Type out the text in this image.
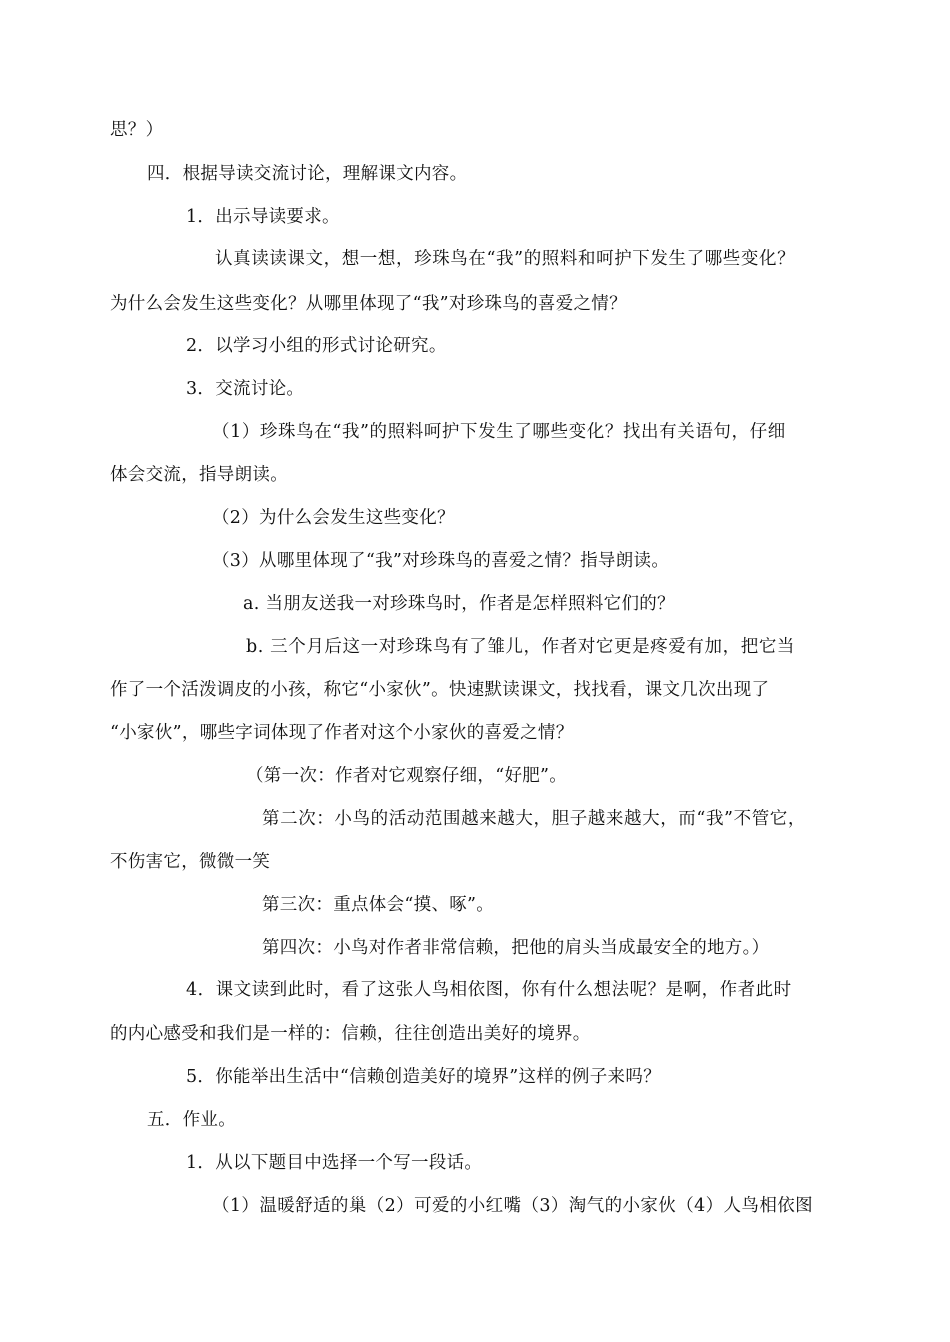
思？）
四．根据导读交流讨论，理解课文内容。
1．出示导读要求。
认真读读课文，想一想，珍珠鸟在“我”的照料和呵护下发生了哪些变化？
为什么会发生这些变化？从哪里体现了“我”对珍珠鸟的喜爱之情？
2．以学习小组的形式讨论研究。
3．交流讨论。
（1）珍珠鸟在“我”的照料呵护下发生了哪些变化？找出有关语句，仔细
体会交流，指导朗读。
（2）为什么会发生这些变化？
（3）从哪里体现了“我”对珍珠鸟的喜爱之情？指导朗读。
a. 当朋友送我一对珍珠鸟时，作者是怎样照料它们的？
b. 三个月后这一对珍珠鸟有了雏儿，作者对它更是疼爱有加，把它当
作了一个活泼调皮的小孩，称它“小家伙”。快速默读课文，找找看，课文几次出现了
“小家伙”，哪些字词体现了作者对这个小家伙的喜爱之情？
（第一次：作者对它观察仔细，“好肥”。
第二次：小鸟的活动范围越来越大，胆子越来越大，而“我”不管它，
不伤害它，微微一笑
第三次：重点体会“摸、啄”。
第四次：小鸟对作者非常信赖，把他的肩头当成最安全的地方。）
4．课文读到此时，看了这张人鸟相依图，你有什么想法呢？是啊，作者此时
的内心感受和我们是一样的：信赖，往往创造出美好的境界。
5．你能举出生活中“信赖创造美好的境界”这样的例子来吗？
五．作业。
1．从以下题目中选择一个写一段话。
（1）温暖舒适的巢（2）可爱的小红嘴（3）淘气的小家伙（4）人鸟相依图
